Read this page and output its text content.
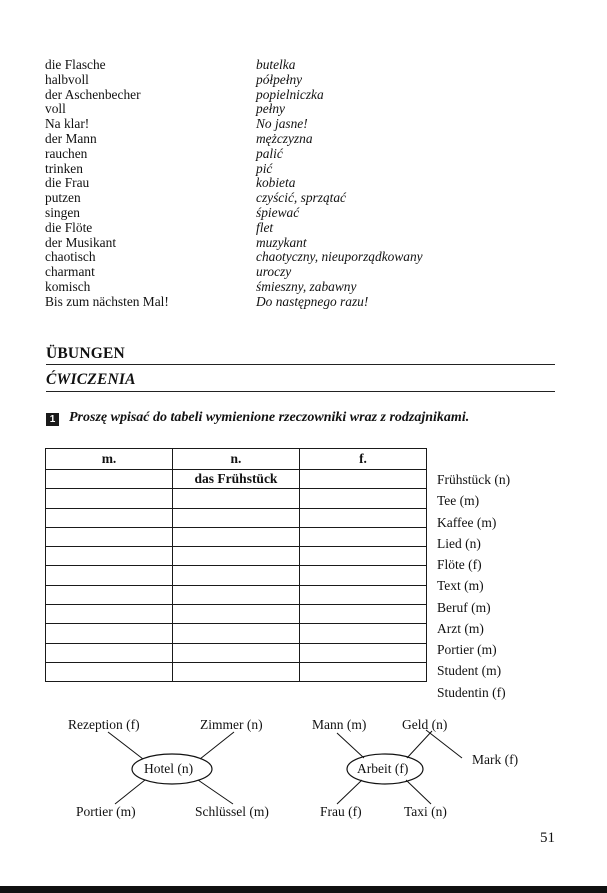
die Flasche	butelka
halbvoll	półpełny
der Aschenbecher	popielniczka
voll	pełny
Na klar!	No jasne!
der Mann	mężczyzna
rauchen	palić
trinken	pić
die Frau	kobieta
putzen	czyścić, sprzątać
singen	śpiewać
die Flöte	flet
der Musikant	muzykant
chaotisch	chaotyczny, nieuporządkowany
charmant	uroczy
komisch	śmieszny, zabawny
Bis zum nächsten Mal!	Do następnego razu!
ÜBUNGEN
ĆWICZENIA
1 Proszę wpisać do tabeli wymienione rzeczowniki wraz z rodzajnikami.
m.	n.	f.
	das Frühstück	

			Frühstück (n)
Tee (m)
Kaffee (m)
Lied (n)
Flöte (f)
Text (m)
Beruf (m)
Arzt (m)
Portier (m)
Student (m)
Studentin (f)
Rezeption (f)	Zimmer (n)
Hotel (n)
Portier (m)	Schlüssel (m)
Mann (m)	Geld (n)
Mark (f)
Arbeit (f)
Frau (f)	Taxi (n)
51
